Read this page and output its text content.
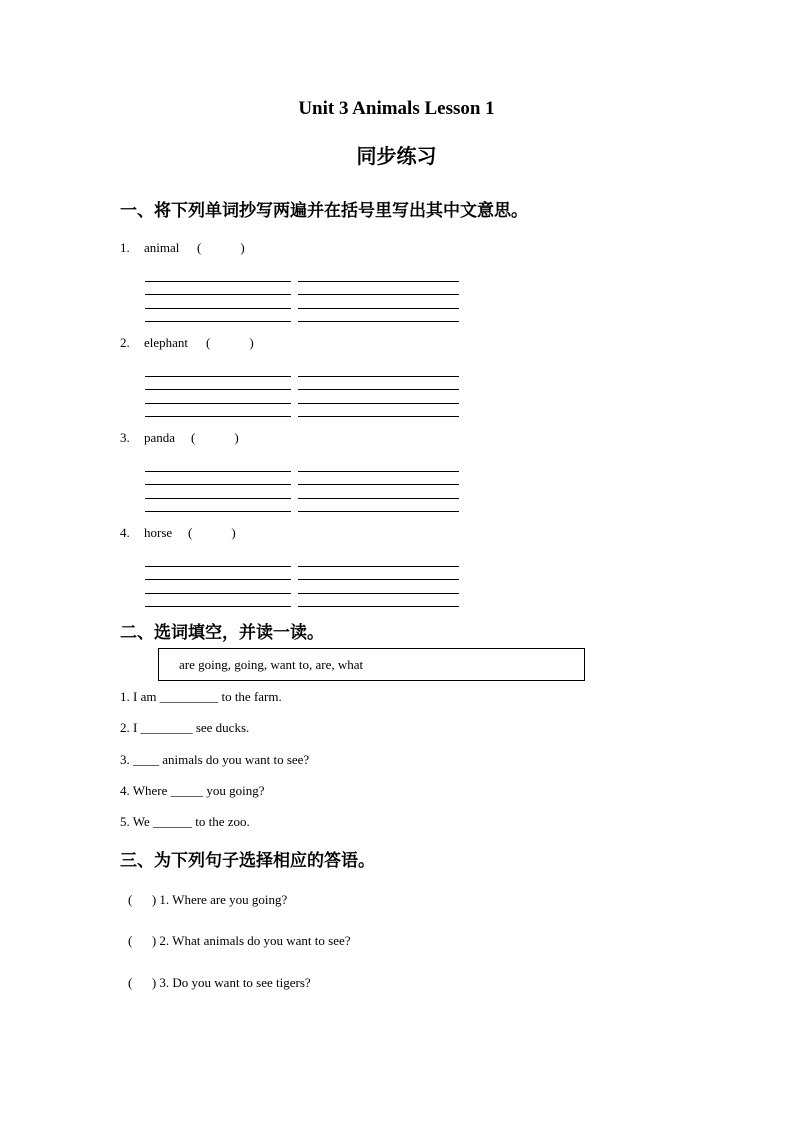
Unit 3 Animals Lesson 1
同步练习
一、将下列单词抄写两遍并在括号里写出其中文意思。
二、选词填空，并读一读。
are going, going, want to, are, what
1. I am _________ to the farm.
2. I ________ see ducks.
3. ____ animals do you want to see?
4. Where _____ you going?
5. We ______ to the zoo.
三、为下列句子选择相应的答语。
(      ) 1. Where are you going?
(      ) 2. What animals do you want to see?
(      ) 3. Do you want to see tigers?
1. animal (            )
2. elephant (            )
3. panda (            )
4. horse (            )
